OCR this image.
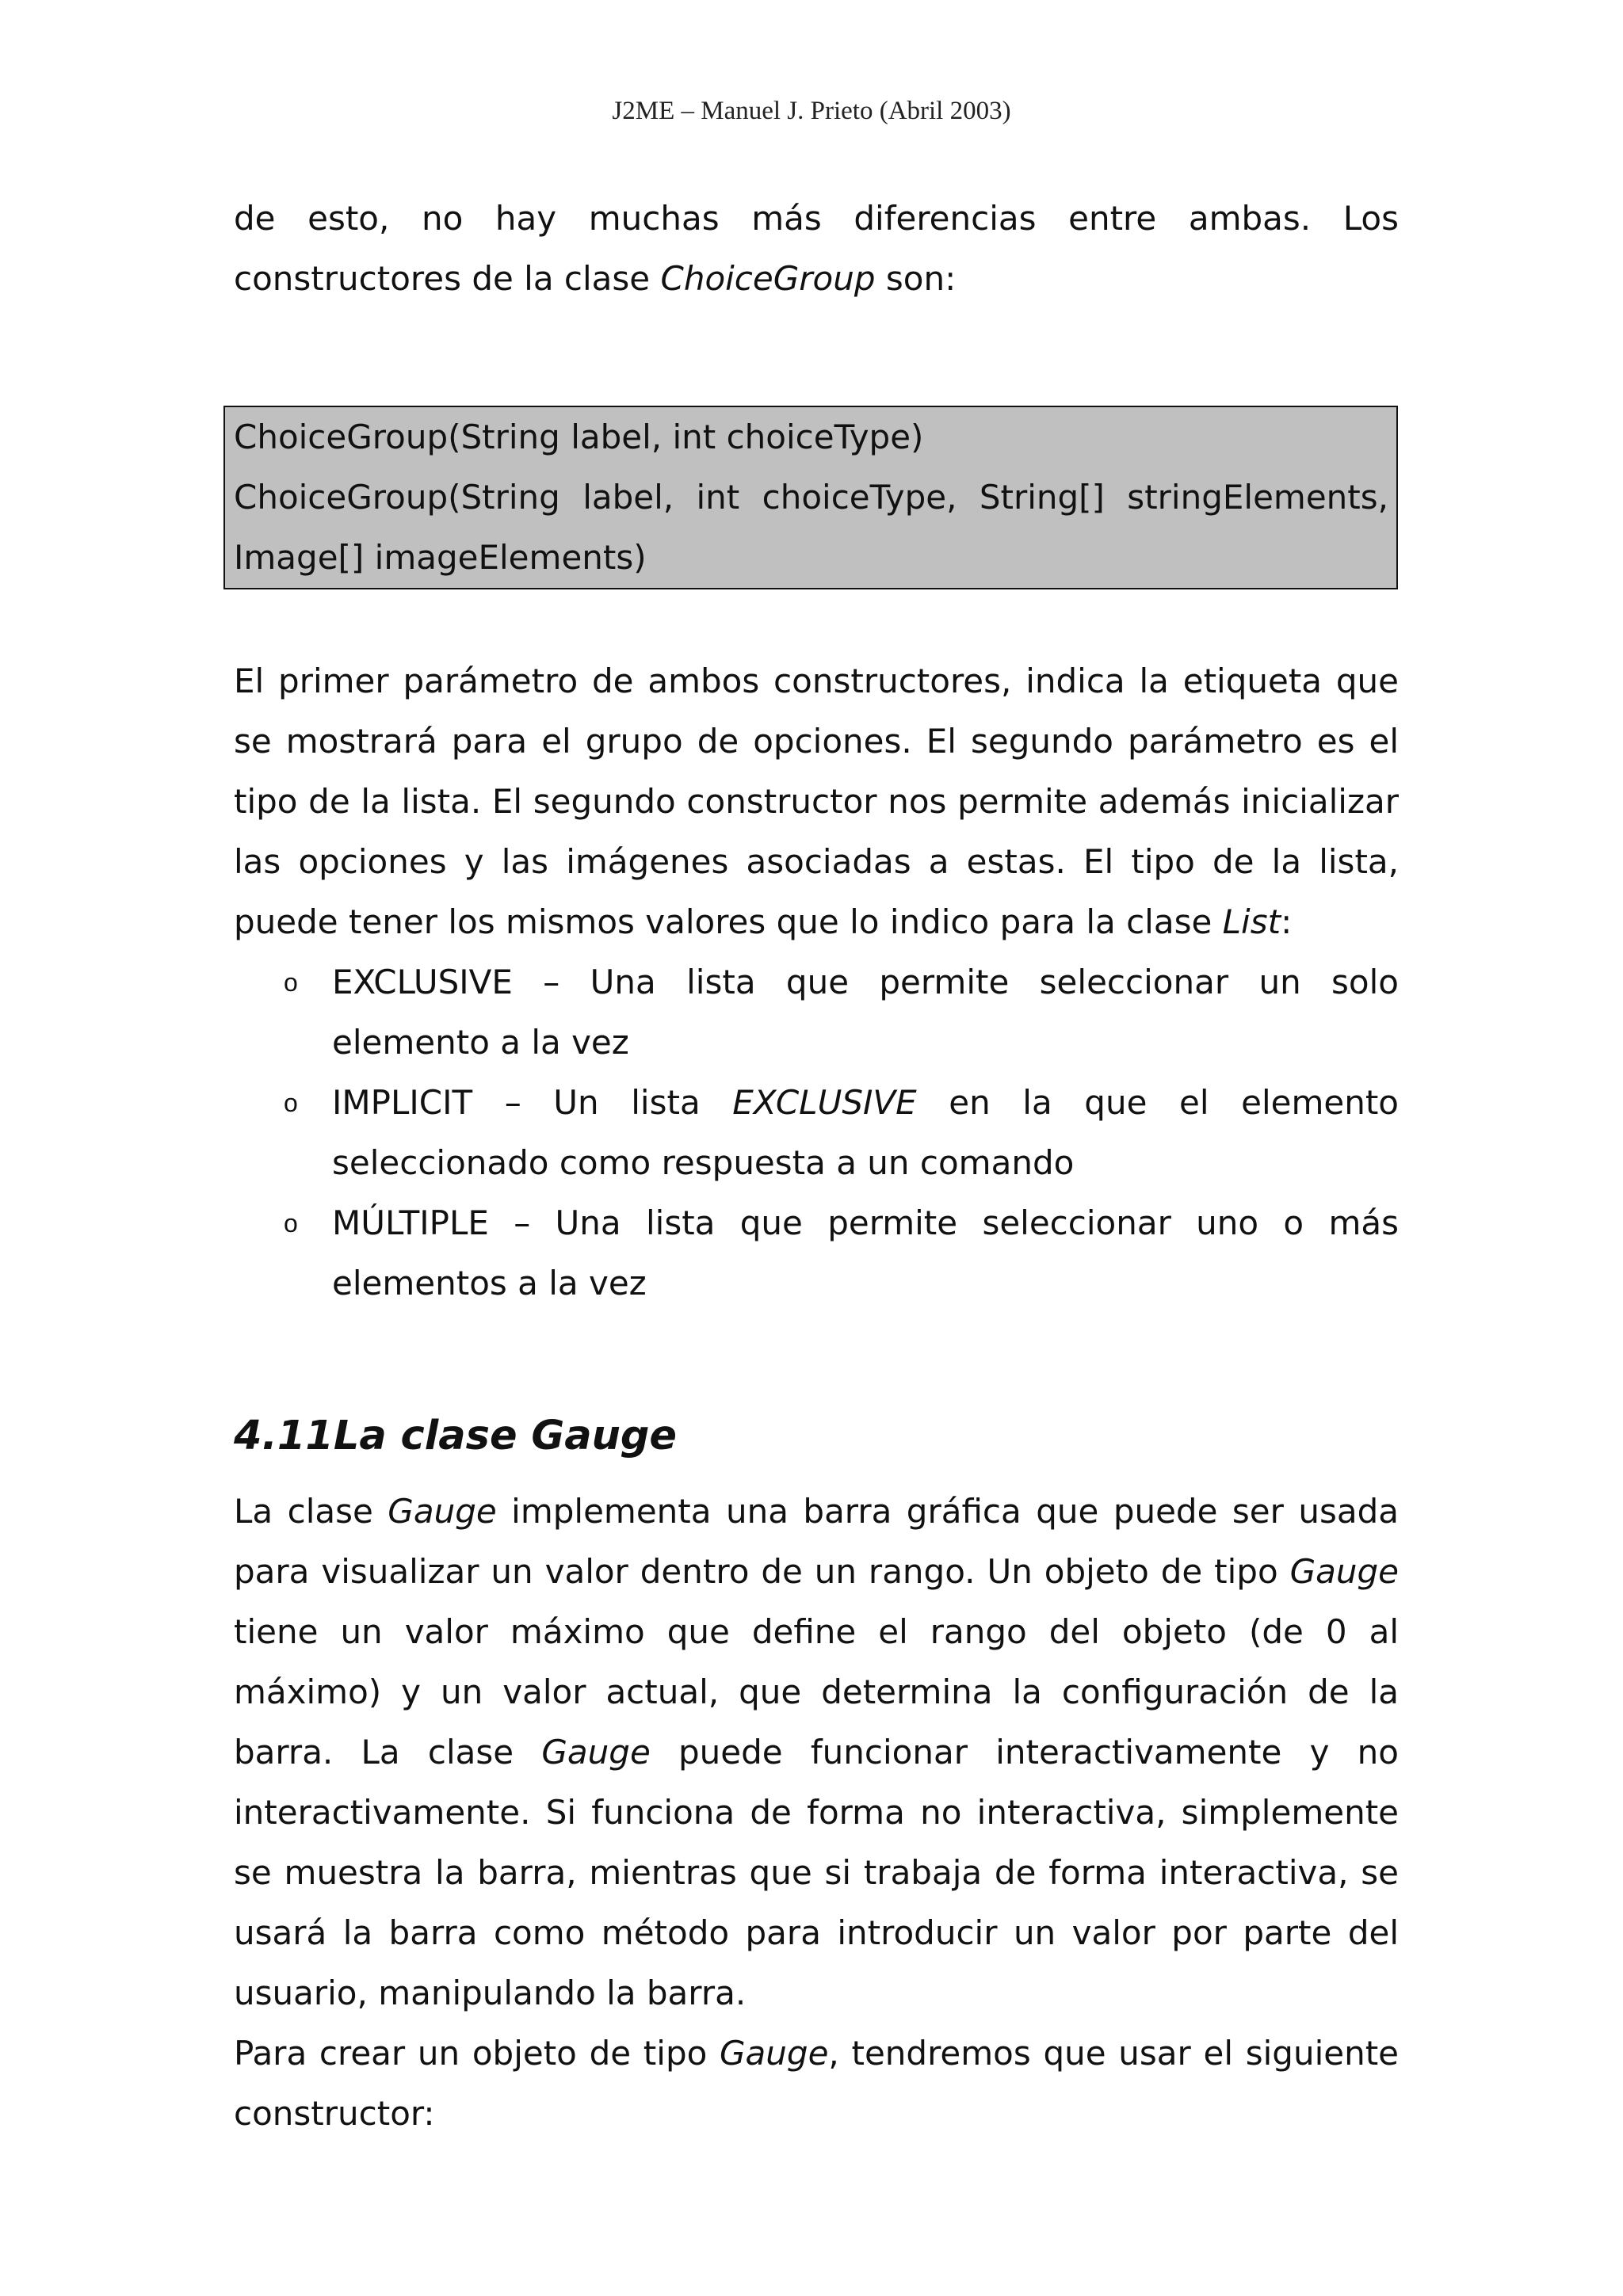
J2ME – Manuel J. Prieto (Abril 2003)

de esto, no hay muchas más diferencias entre ambas. Los
constructores de la clase ChoiceGroup son:

ChoiceGroup(String label, int choiceType)

ChoiceGroup(String label, int choiceType, String[] stringElements,

Image[] imageElements)

El primer parámetro de ambos constructores, indica la etiqueta que se mostrará para el grupo de opciones. El segundo parámetro es el tipo de la lista. El segundo constructor nos permite además inicializar las opciones y las imágenes asociadas a estas. El tipo de la lista, puede tener los mismos valores que lo indico para la clase List:

o EXCLUSIVE – Una lista que permite seleccionar un solo
elemento a la vez
o IMPLICIT – Un lista EXCLUSIVE en la que el elemento
seleccionado como respuesta a un comando
o MÚLTIPLE – Una lista que permite seleccionar uno o más
elementos a la vez
4.11La clase Gauge

La clase Gauge implementa una barra gráfica que puede ser usada para visualizar un valor dentro de un rango. Un objeto de tipo Gauge tiene un valor máximo que define el rango del objeto (de 0 al máximo) y un valor actual, que determina la configuración de la barra. La clase Gauge puede funcionar interactivamente y no interactivamente. Si funciona de forma no interactiva, simplemente se muestra la barra, mientras que si trabaja de forma interactiva, se usará la barra como método para introducir un valor por parte del usuario, manipulando la barra.

Para crear un objeto de tipo Gauge, tendremos que usar el siguiente constructor:
